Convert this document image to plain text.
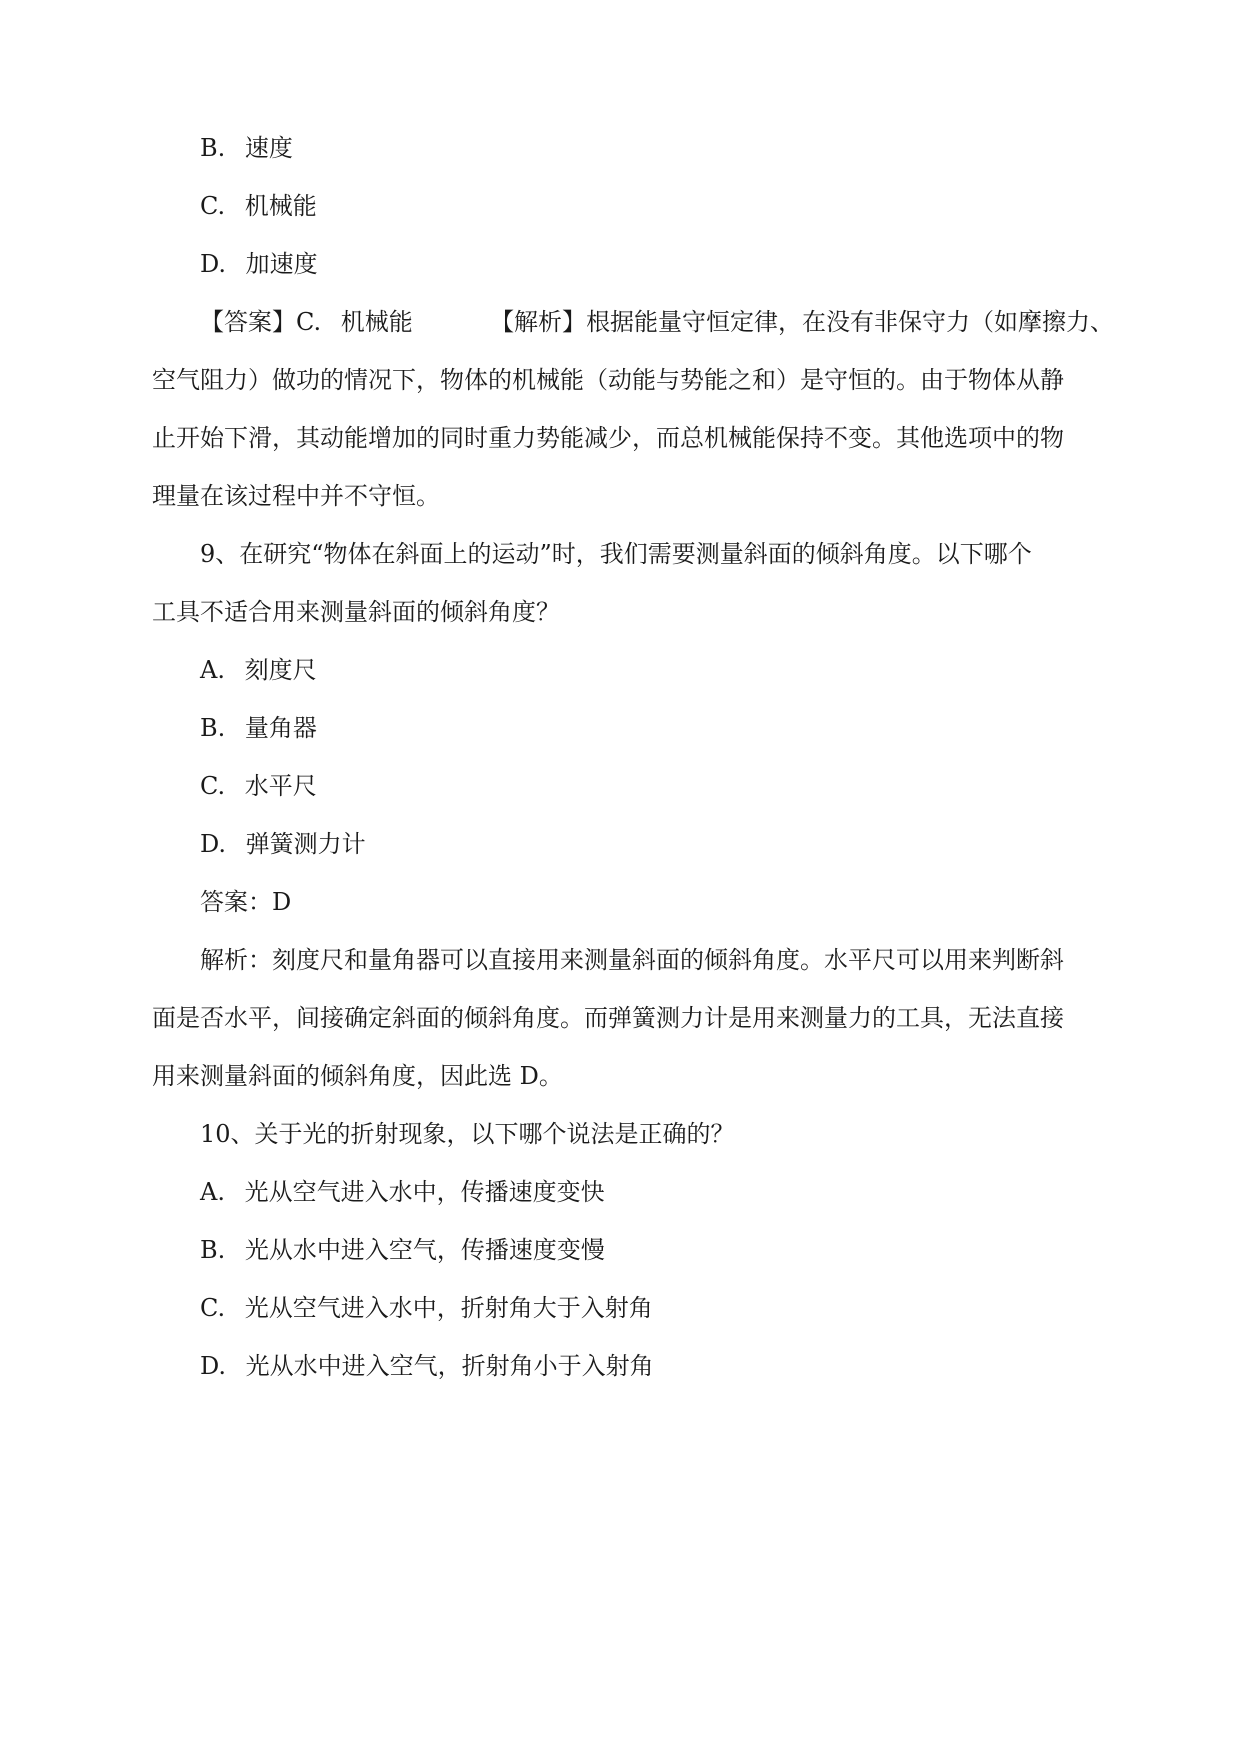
B. 速度
C. 机械能
D. 加速度
【答案】C. 机械能	【解析】根据能量守恒定律，在没有非保守力（如摩擦力、
空气阻力）做功的情况下，物体的机械能（动能与势能之和）是守恒的。由于物体从静
止开始下滑，其动能增加的同时重力势能减少，而总机械能保持不变。其他选项中的物
理量在该过程中并不守恒。
9、在研究“物体在斜面上的运动”时，我们需要测量斜面的倾斜角度。以下哪个
工具不适合用来测量斜面的倾斜角度？
A. 刻度尺
B. 量角器
C. 水平尺
D. 弹簧测力计
答案：D
解析：刻度尺和量角器可以直接用来测量斜面的倾斜角度。水平尺可以用来判断斜
面是否水平，间接确定斜面的倾斜角度。而弹簧测力计是用来测量力的工具，无法直接
用来测量斜面的倾斜角度，因此选 D。
10、关于光的折射现象，以下哪个说法是正确的？
A. 光从空气进入水中，传播速度变快
B. 光从水中进入空气，传播速度变慢
C. 光从空气进入水中，折射角大于入射角
D. 光从水中进入空气，折射角小于入射角
